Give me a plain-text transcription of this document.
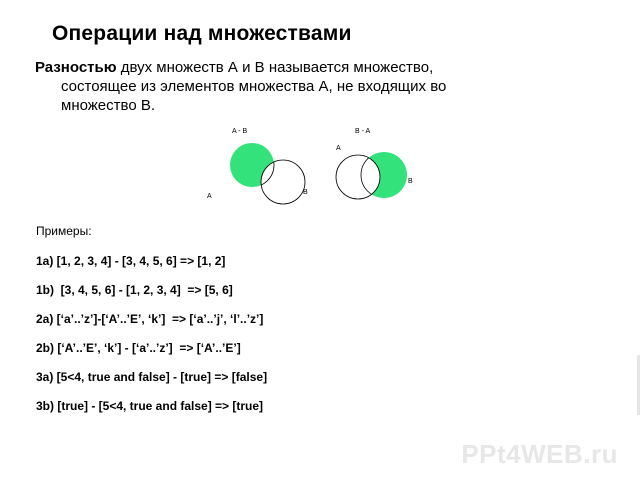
Операции над множествами
Разностью двух множеств А и В называется множество,
состоящее из элементов множества А, не входящих во
множество В.
A - B
A
B
B - A
A
B
Примеры:
1a) [1, 2, 3, 4] - [3, 4, 5, 6] => [1, 2]
1b)  [3, 4, 5, 6] - [1, 2, 3, 4]  => [5, 6]
2a) [‘a’..’z’]-[‘A’..’E’, ‘k’]  => [‘a’..’j’, ‘l’..’z’]
2b) [‘A’..’E’, ‘k’] - [‘a’..’z’]  => [‘A’..’E’]
3a) [5<4, true and false] - [true] => [false]
3b) [true] - [5<4, true and false] => [true]
PPt4WEB.ru
